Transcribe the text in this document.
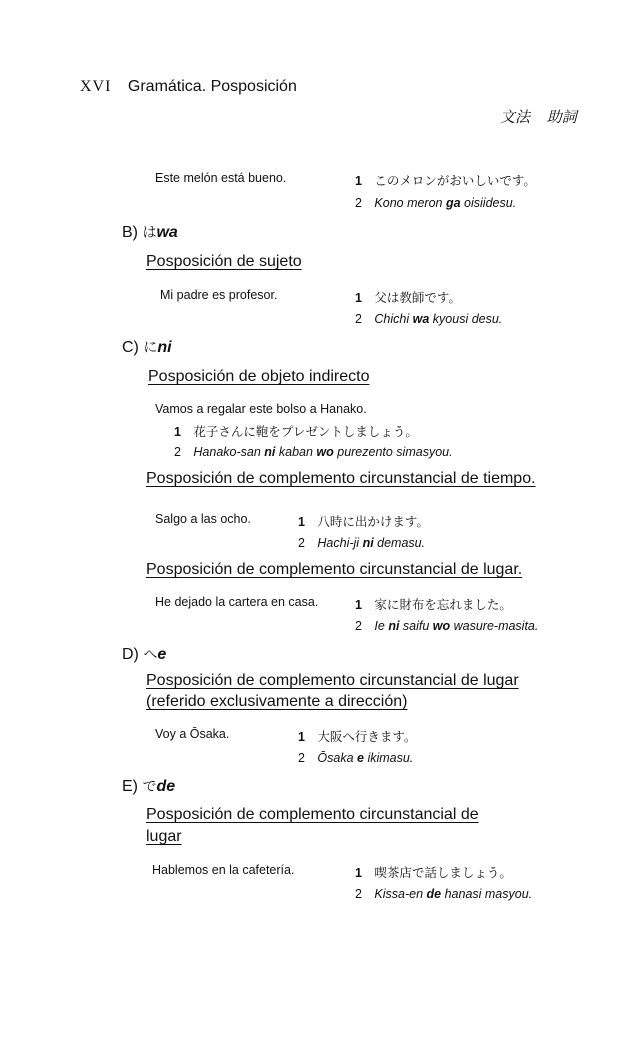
XVI Gramática. Posposición
文法 助詞
Este melón está bueno.	1 このメロンがおいしいです。
2 Kono meron ga oisiidesu.
B) はwa
Posposición de sujeto
Mi padre es profesor.	1 父は教師です。
2 Chichi wa kyousi desu.
C) にni
Posposición de objeto indirecto
Vamos a regalar este bolso a Hanako.
1 花子さんに鞄をプレゼントしましょう。
2 Hanako-san ni kaban wo purezento simasyou.
Posposición de complemento circunstancial de tiempo.
Salgo a las ocho.	1 八時に出かけます。
2 Hachi-ji ni demasu.
Posposición de complemento circunstancial de lugar.
He dejado la cartera en casa.	1 家に財布を忘れました。
2 Ie ni saifu wo wasure-masita.
D) へe
Posposición de complemento circunstancial de lugar
(referido exclusivamente a dirección)
Voy a Ōsaka.	1 大阪へ行きます。
2 Ōsaka e ikimasu.
E) でde
Posposición de complemento circunstancial de
lugar
Hablemos en la cafetería.	1 喫茶店で話しましょう。
2 Kissa-en de hanasi masyou.
